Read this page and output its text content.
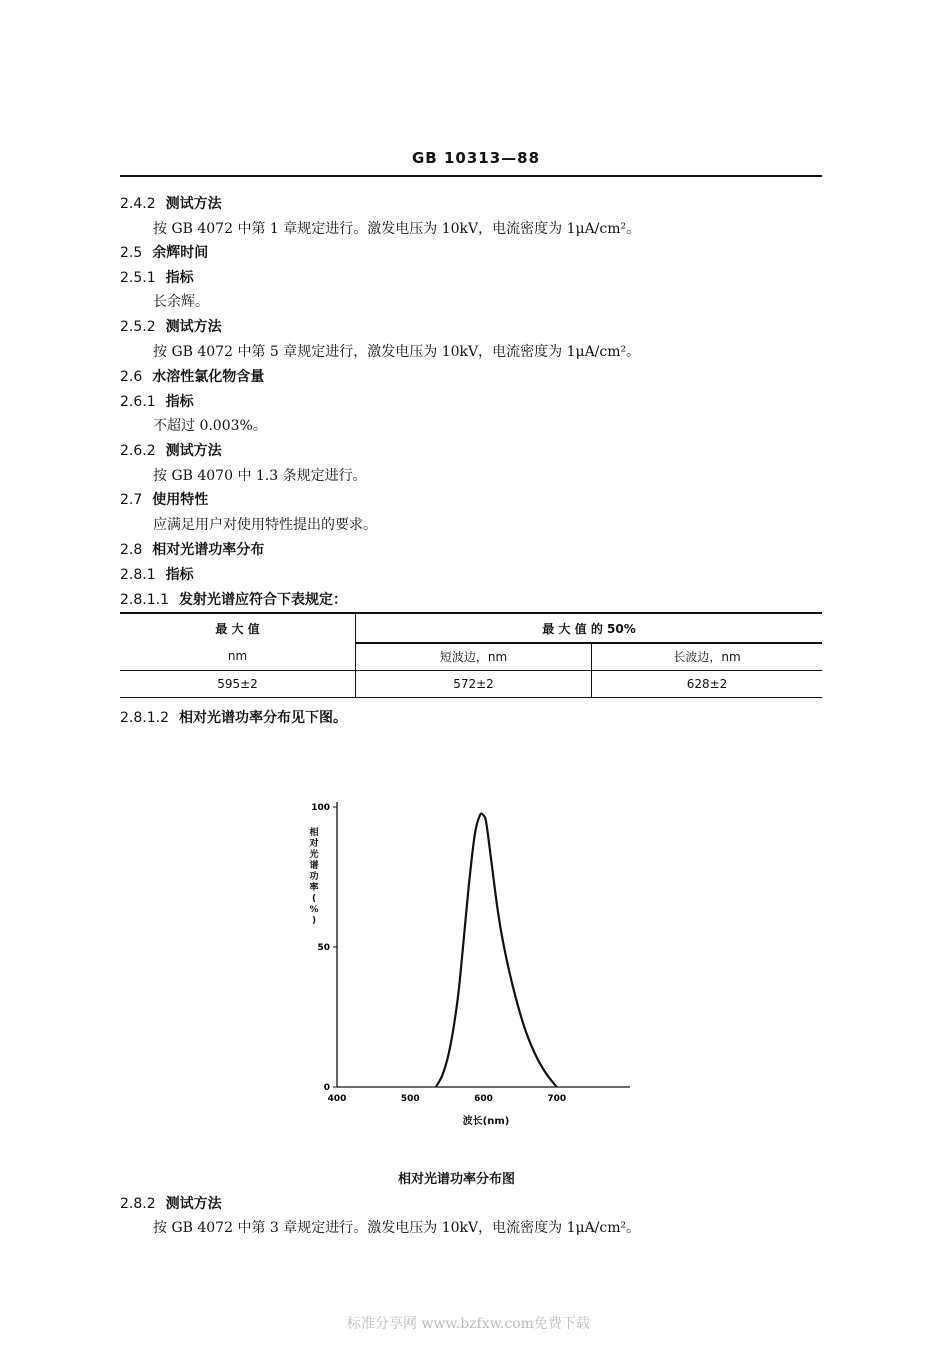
GB 10313—88
2.4.2 测试方法
按 GB 4072 中第 1 章规定进行。激发电压为 10kV，电流密度为 1μA/cm²。
2.5 余辉时间
2.5.1 指标
长余辉。
2.5.2 测试方法
按 GB 4072 中第 5 章规定进行，激发电压为 10kV，电流密度为 1μA/cm²。
2.6 水溶性氯化物含量
2.6.1 指标
不超过 0.003%。
2.6.2 测试方法
按 GB 4070 中 1.3 条规定进行。
2.7 使用特性
应满足用户对使用特性提出的要求。
2.8 相对光谱功率分布
2.8.1 指标
2.8.1.1 发射光谱应符合下表规定：
最 大 值	最 大 值 的 50%	
nm	短波边，nm	长波边，nm
595±2	572±2	628±2
2.8.1.2 相对光谱功率分布见下图。
0
50
100
400	500	600	700
相对光谱功率( % )
波长(nm)
相对光谱功率分布图
2.8.2 测试方法
按 GB 4072 中第 3 章规定进行。激发电压为 10kV，电流密度为 1μA/cm²。
标准分享网 www.bzfxw.com免费下载
